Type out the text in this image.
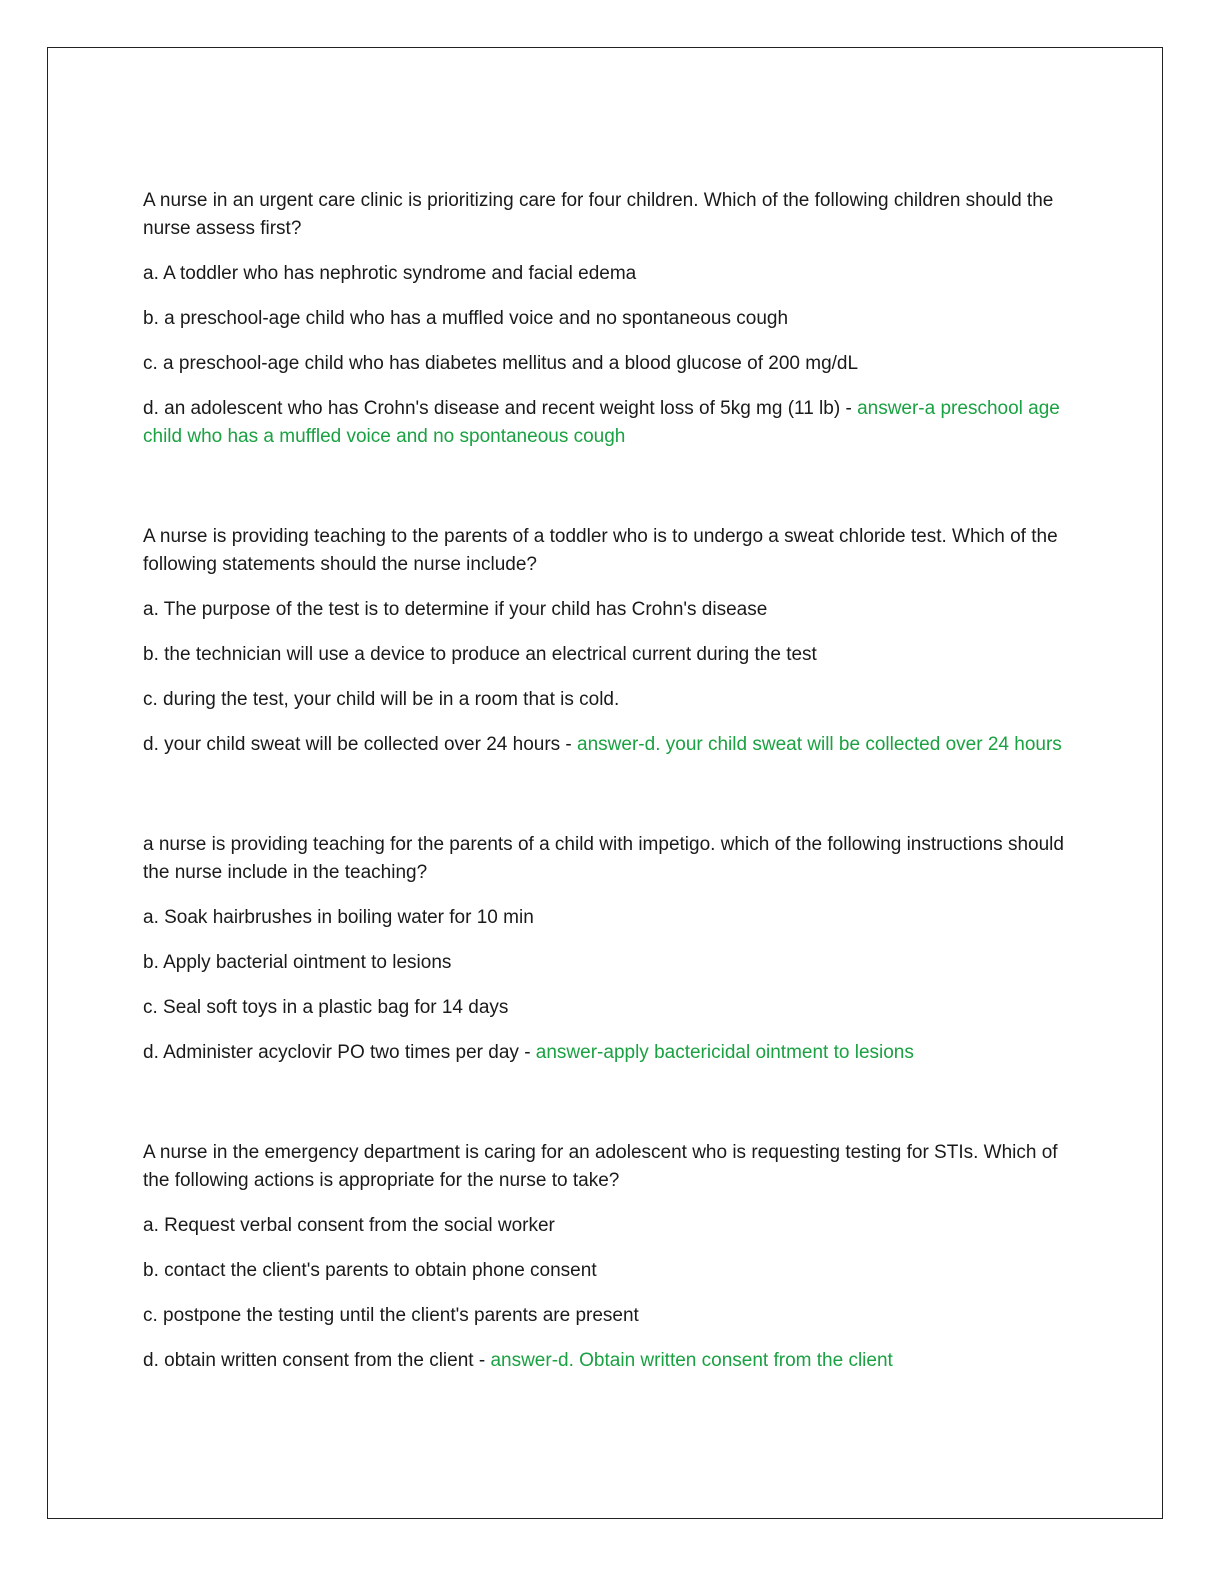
A nurse in an urgent care clinic is prioritizing care for four children. Which of the following children should the nurse assess first?

a. A toddler who has nephrotic syndrome and facial edema

b. a preschool-age child who has a muffled voice and no spontaneous cough

c. a preschool-age child who has diabetes mellitus and a blood glucose of 200 mg/dL

d. an adolescent who has Crohn's disease and recent weight loss of 5kg mg (11 lb) - answer-a preschool age child who has a muffled voice and no spontaneous cough

A nurse is providing teaching to the parents of a toddler who is to undergo a sweat chloride test. Which of the following statements should the nurse include?

a. The purpose of the test is to determine if your child has Crohn's disease

b. the technician will use a device to produce an electrical current during the test

c. during the test, your child will be in a room that is cold.

d. your child sweat will be collected over 24 hours - answer-d. your child sweat will be collected over 24 hours

a nurse is providing teaching for the parents of a child with impetigo. which of the following instructions should the nurse include in the teaching?

a. Soak hairbrushes in boiling water for 10 min

b. Apply bacterial ointment to lesions

c. Seal soft toys in a plastic bag for 14 days

d. Administer acyclovir PO two times per day - answer-apply bactericidal ointment to lesions

A nurse in the emergency department is caring for an adolescent who is requesting testing for STIs. Which of the following actions is appropriate for the nurse to take?

a. Request verbal consent from the social worker

b. contact the client's parents to obtain phone consent

c. postpone the testing until the client's parents are present

d. obtain written consent from the client - answer-d. Obtain written consent from the client
